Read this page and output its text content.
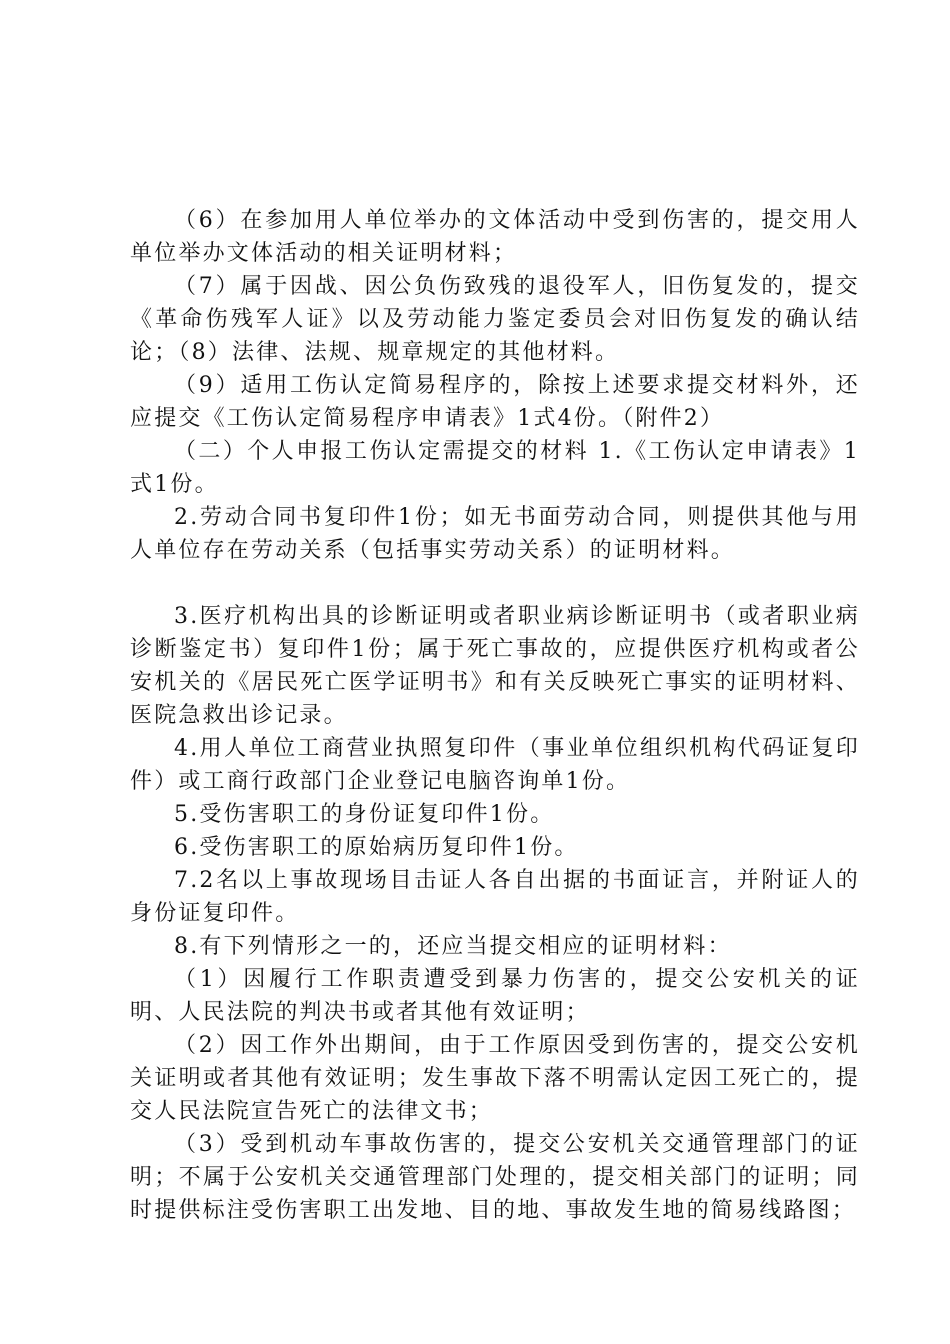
（6）在参加用人单位举办的文体活动中受到伤害的，提交用人单位举办文体活动的相关证明材料；

（7）属于因战、因公负伤致残的退役军人，旧伤复发的，提交《革命伤残军人证》以及劳动能力鉴定委员会对旧伤复发的确认结论；（8）法律、法规、规章规定的其他材料。

（9）适用工伤认定简易程序的，除按上述要求提交材料外，还应提交《工伤认定简易程序申请表》1式4份。（附件2）

（二）个人申报工伤认定需提交的材料 1.《工伤认定申请表》1式1份。

2.劳动合同书复印件1份；如无书面劳动合同，则提供其他与用人单位存在劳动关系（包括事实劳动关系）的证明材料。

3.医疗机构出具的诊断证明或者职业病诊断证明书（或者职业病诊断鉴定书）复印件1份；属于死亡事故的，应提供医疗机构或者公安机关的《居民死亡医学证明书》和有关反映死亡事实的证明材料、医院急救出诊记录。

4.用人单位工商营业执照复印件（事业单位组织机构代码证复印件）或工商行政部门企业登记电脑咨询单1份。

5.受伤害职工的身份证复印件1份。

6.受伤害职工的原始病历复印件1份。

7.2名以上事故现场目击证人各自出据的书面证言，并附证人的身份证复印件。

8.有下列情形之一的，还应当提交相应的证明材料：

（1）因履行工作职责遭受到暴力伤害的，提交公安机关的证明、人民法院的判决书或者其他有效证明；

（2）因工作外出期间，由于工作原因受到伤害的，提交公安机关证明或者其他有效证明；发生事故下落不明需认定因工死亡的，提交人民法院宣告死亡的法律文书；

（3）受到机动车事故伤害的，提交公安机关交通管理部门的证明；不属于公安机关交通管理部门处理的，提交相关部门的证明；同时提供标注受伤害职工出发地、目的地、事故发生地的简易线路图；
